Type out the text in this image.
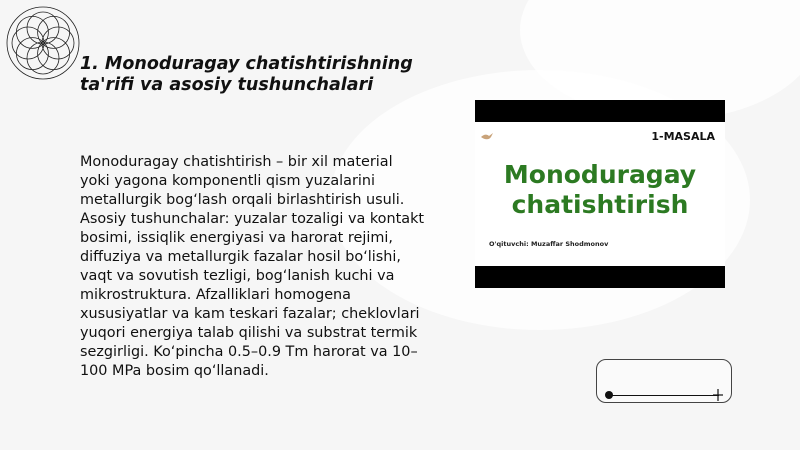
1. Monoduragay chatishtirishning ta'rifi va asosiy tushunchalari

Monoduragay chatishtirish – bir xil material yoki yagona komponentli qism yuzalarini metallurgik bog‘lash orqali birlashtirish usuli. Asosiy tushunchalar: yuzalar tozaligi va kontakt bosimi, issiqlik energiyasi va harorat rejimi, diffuziya va metallurgik fazalar hosil bo‘lishi, vaqt va sovutish tezligi, bog‘lanish kuchi va mikrostruktura. Afzalliklari homogena xususiyatlar va kam teskari fazalar; cheklovlari yuqori energiya talab qilishi va substrat termik sezgirligi. Ko‘pincha 0.5–0.9 Tm harorat va 10–100 MPa bosim qo‘llanadi.

1-MASALA

Monoduragay
chatishtirish

O'qituvchi: Muzaffar Shodmonov
